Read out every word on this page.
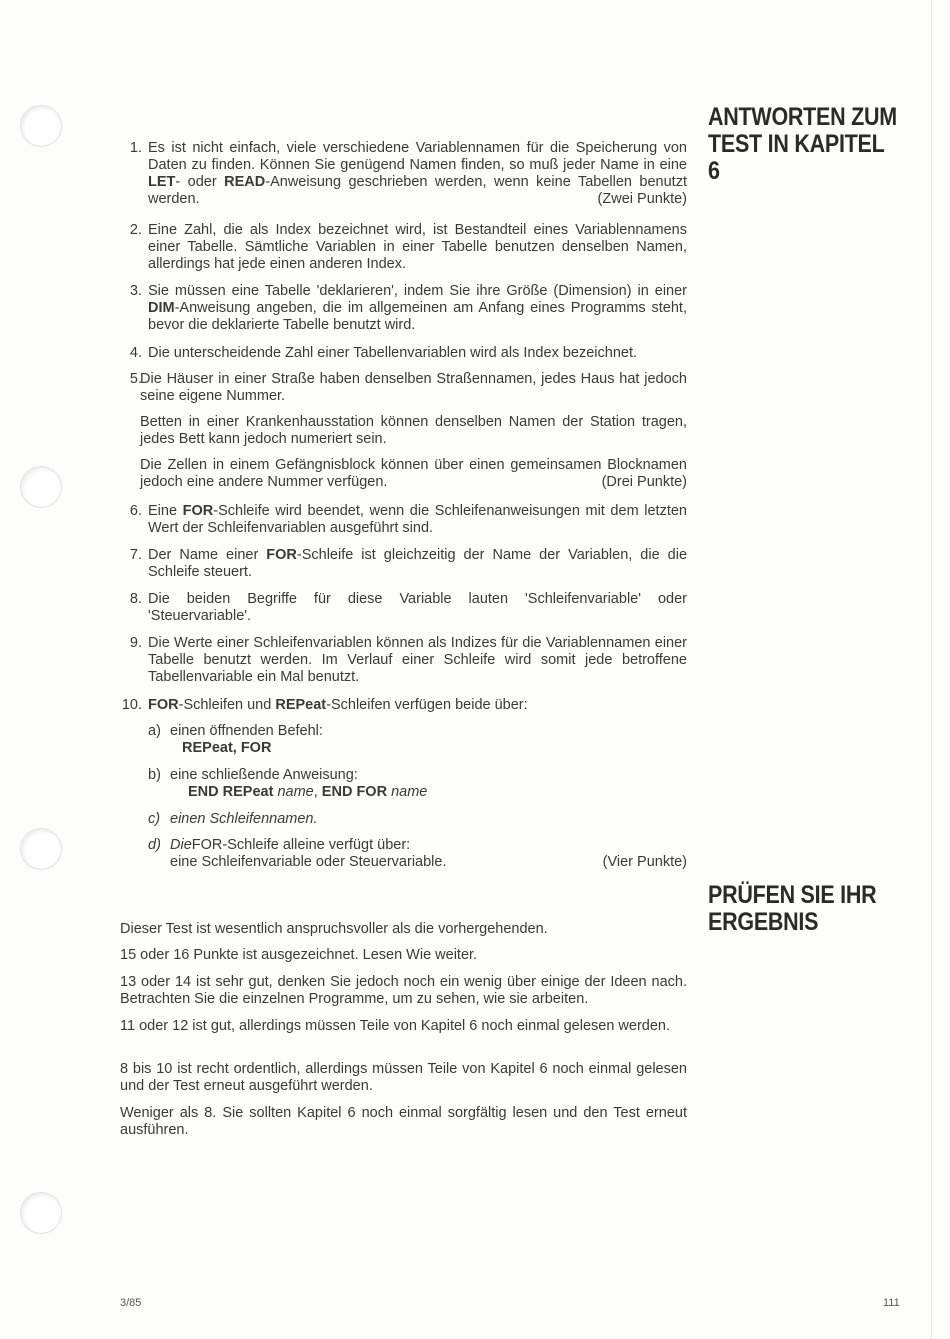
ANTWORTEN ZUM TEST IN KAPITEL 6
PRÜFEN SIE IHR ERGEBNIS
1. Es ist nicht einfach, viele verschiedene Variablennamen für die Speicherung von Daten zu finden. Können Sie genügend Namen finden, so muß jeder Name in eine LET- oder READ-Anweisung geschrieben werden, wenn keine Tabellen benutzt werden.	(Zwei Punkte)
2. Eine Zahl, die als Index bezeichnet wird, ist Bestandteil eines Variablennamens einer Tabelle. Sämtliche Variablen in einer Tabelle benutzen denselben Namen, allerdings hat jede einen anderen Index.
3. Sie müssen eine Tabelle 'deklarieren', indem Sie ihre Größe (Dimension) in einer DIM-Anweisung angeben, die im allgemeinen am Anfang eines Programms steht, bevor die deklarierte Tabelle benutzt wird.
4. Die unterscheidende Zahl einer Tabellenvariablen wird als Index bezeichnet.
5.
Die Häuser in einer Straße haben denselben Straßennamen, jedes Haus hat jedoch seine eigene Nummer.
Betten in einer Krankenhausstation können denselben Namen der Station tragen, jedes Bett kann jedoch numeriert sein.
Die Zellen in einem Gefängnisblock können über einen gemeinsamen Blocknamen jedoch eine andere Nummer verfügen.	(Drei Punkte)
6. Eine FOR-Schleife wird beendet, wenn die Schleifenanweisungen mit dem letzten Wert der Schleifenvariablen ausgeführt sind.
7. Der Name einer FOR-Schleife ist gleichzeitig der Name der Variablen, die die Schleife steuert.
8. Die beiden Begriffe für diese Variable lauten 'Schleifenvariable' oder 'Steuervariable'.
9. Die Werte einer Schleifenvariablen können als Indizes für die Variablennamen einer Tabelle benutzt werden. Im Verlauf einer Schleife wird somit jede betroffene Tabellenvariable ein Mal benutzt.
10. FOR-Schleifen und REPeat-Schleifen verfügen beide über:
a) einen öffnenden Befehl:
REPeat, FOR
b) eine schließende Anweisung:
END REPeat name, END FOR name
c) einen Schleifennamen.
d) DieFOR-Schleife alleine verfügt über:
eine Schleifenvariable oder Steuervariable.	(Vier Punkte)
Dieser Test ist wesentlich anspruchsvoller als die vorhergehenden.
15 oder 16 Punkte ist ausgezeichnet. Lesen Wie weiter.
13 oder 14 ist sehr gut, denken Sie jedoch noch ein wenig über einige der Ideen nach. Betrachten Sie die einzelnen Programme, um zu sehen, wie sie arbeiten.
11 oder 12 ist gut, allerdings müssen Teile von Kapitel 6 noch einmal gelesen werden.
8 bis 10 ist recht ordentlich, allerdings müssen Teile von Kapitel 6 noch einmal gelesen und der Test erneut ausgeführt werden.
Weniger als 8. Sie sollten Kapitel 6 noch einmal sorgfältig lesen und den Test erneut ausführen.
3/85	111
